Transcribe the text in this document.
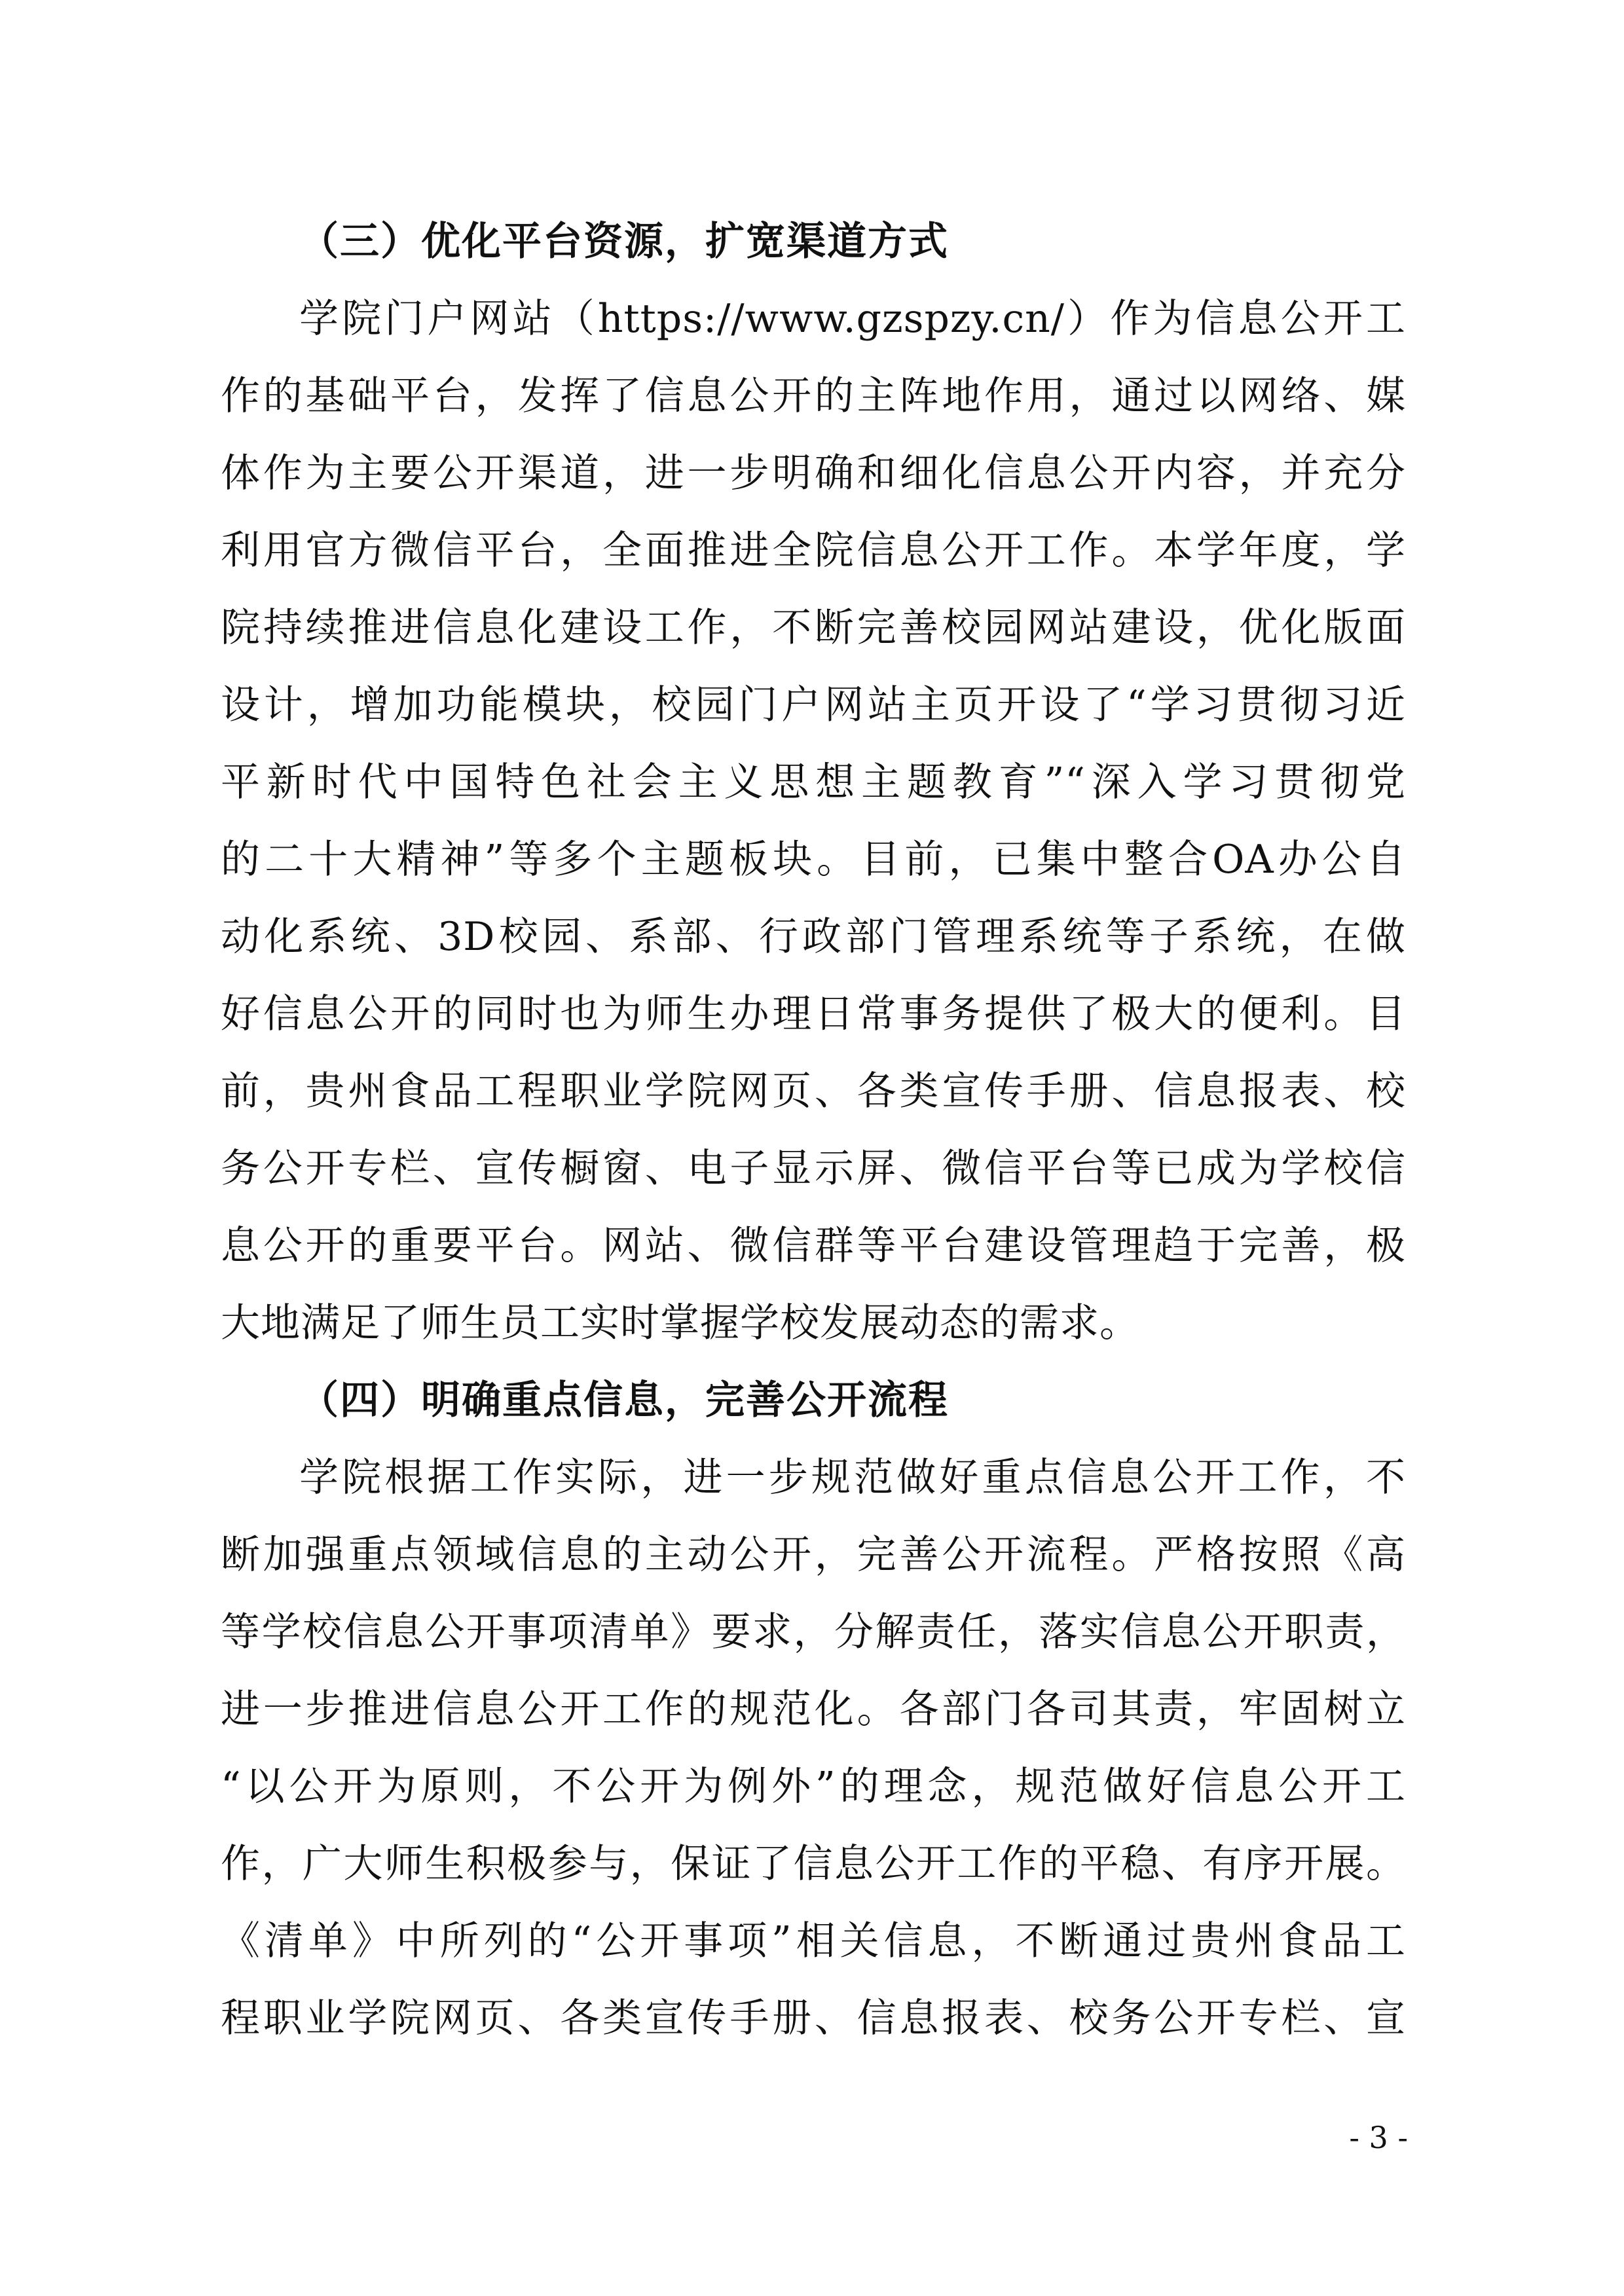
（三）优化平台资源，扩宽渠道方式
学院门户网站（https://www.gzspzy.cn/）作为信息公开工
作的基础平台，发挥了信息公开的主阵地作用，通过以网络、媒
体作为主要公开渠道，进一步明确和细化信息公开内容，并充分
利用官方微信平台，全面推进全院信息公开工作。本学年度，学
院持续推进信息化建设工作，不断完善校园网站建设，优化版面
设计，增加功能模块，校园门户网站主页开设了“学习贯彻习近
平新时代中国特色社会主义思想主题教育”“深入学习贯彻党
的二十大精神”等多个主题板块。目前，已集中整合OA办公自
动化系统、3D校园、系部、行政部门管理系统等子系统，在做
好信息公开的同时也为师生办理日常事务提供了极大的便利。目
前，贵州食品工程职业学院网页、各类宣传手册、信息报表、校
务公开专栏、宣传橱窗、电子显示屏、微信平台等已成为学校信
息公开的重要平台。网站、微信群等平台建设管理趋于完善，极
大地满足了师生员工实时掌握学校发展动态的需求。
（四）明确重点信息，完善公开流程
学院根据工作实际，进一步规范做好重点信息公开工作，不
断加强重点领域信息的主动公开，完善公开流程。严格按照《高
等学校信息公开事项清单》要求，分解责任，落实信息公开职责，
进一步推进信息公开工作的规范化。各部门各司其责，牢固树立
“以公开为原则，不公开为例外”的理念，规范做好信息公开工
作，广大师生积极参与，保证了信息公开工作的平稳、有序开展。
《清单》中所列的“公开事项”相关信息，不断通过贵州食品工
程职业学院网页、各类宣传手册、信息报表、校务公开专栏、宣
- 3 -
